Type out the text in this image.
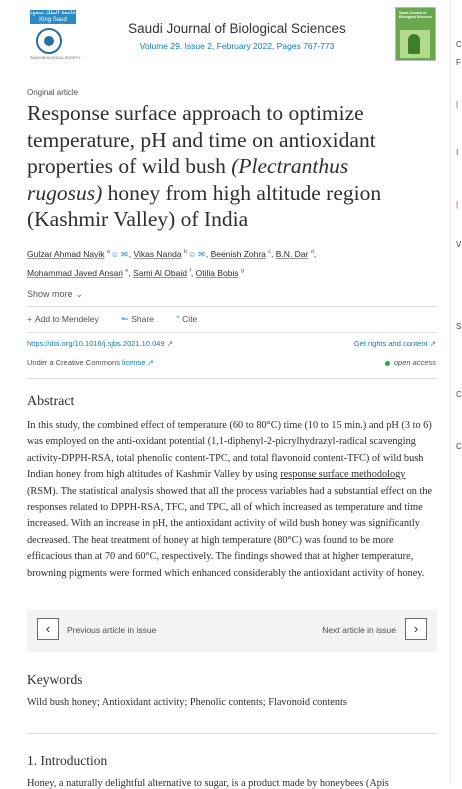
جامعة الملك سعود
King Saud University
SAUDI BIOLOGICAL SOCIETY
Saudi Journal of Biological Sciences
Volume 29, Issue 2, February 2022, Pages 767-773
Saudi Journal of Biological Sciences
Original article
Response surface approach to optimize temperature, pH and time on antioxidant properties of wild bush (Plectranthus rugosus) honey from high altitude region (Kashmir Valley) of India
Gulzar Ahmad Nayik $^a$☺ ✉, Vikas Nanda $^b$☺ ✉, Beenish Zohra $^c$, B.N. Dar $^d$,
Mohammad Javed Ansari $^e$, Sami Al Obaid $^f$, Otilia Bobis $^g$
Show more ⌄
+ Add to Mendeley	↼ Share	” Cite
https://doi.org/10.1016/j.sjbs.2021.10.049 ↗	Get rights and content ↗
Under a Creative Commons license ↗	open access
Abstract
In this study, the combined effect of temperature (60 to 80°C) time (10 to 15 min.) and pH (3 to 6) was employed on the anti-oxidant potential (1,1-diphenyl-2-picrylhydrazyl-radical scavenging activity-DPPH-RSA, total phenolic content-TPC, and total flavonoid content-TFC) of wild bush Indian honey from high altitudes of Kashmir Valley by using response surface methodology (RSM). The statistical analysis showed that all the process variables had a substantial effect on the responses related to DPPH-RSA, TFC, and TPC, all of which increased as temperature and time increased. With an increase in pH, the antioxidant activity of wild bush honey was significantly decreased. The heat treatment of honey at high temperature (80°C) was found to be more efficacious than at 70 and 60°C, respectively. The findings showed that at higher temperature, browning pigments were formed which enhanced considerably the antioxidant activity of honey.
‹	Previous article in issue	Next article in issue	›
Keywords
Wild bush honey; Antioxidant activity; Phenolic contents; Flavonoid contents
1. Introduction
Honey, a naturally delightful alternative to sugar, is a product made by honeybees (Apis
C
F
|
I
|
V
S
C
C
